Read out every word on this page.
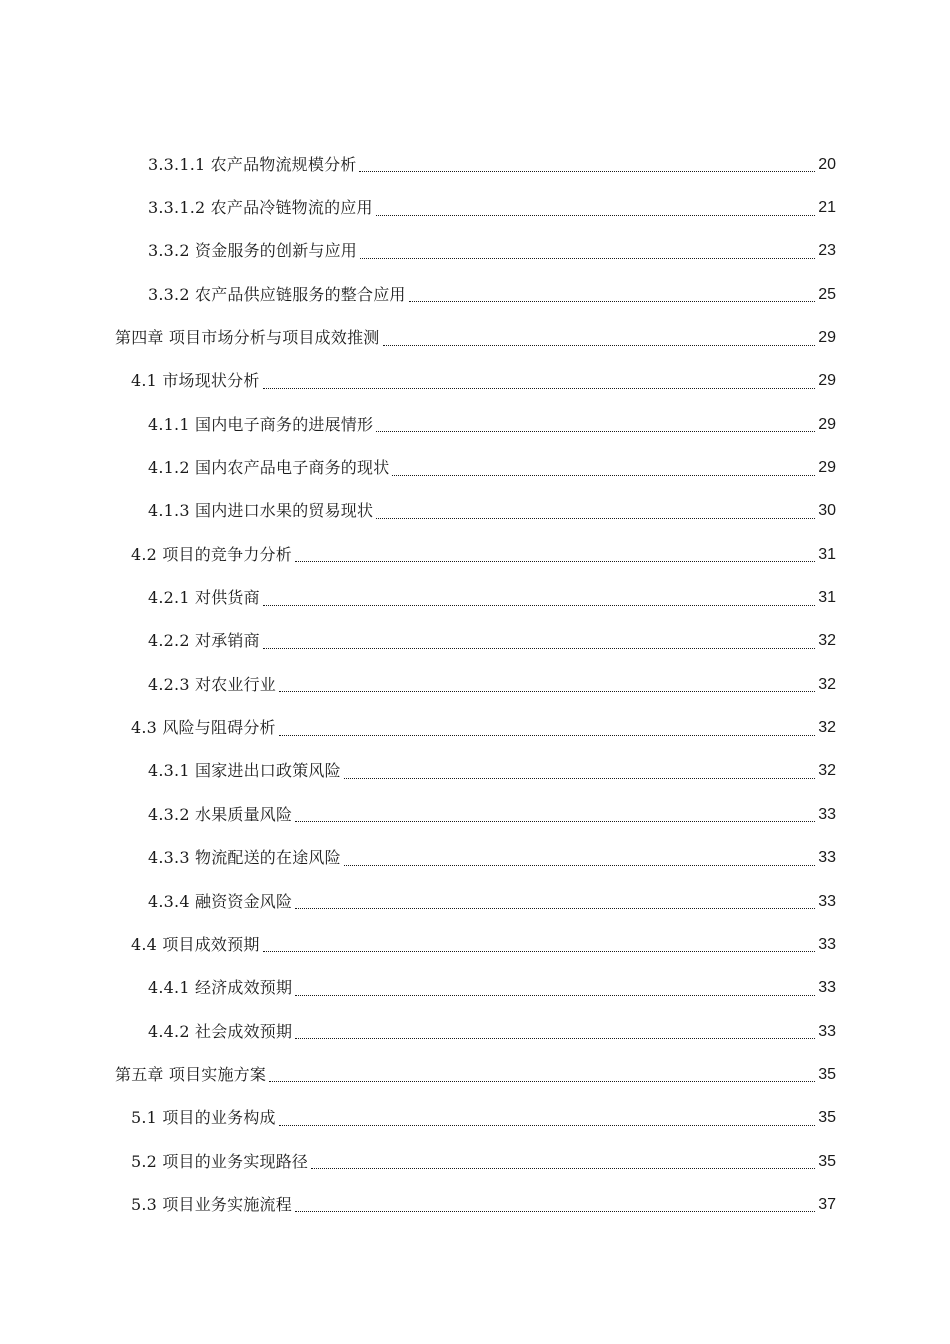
3.3.1.1 农产品物流规模分析	20
3.3.1.2 农产品冷链物流的应用	21
3.3.2 资金服务的创新与应用	23
3.3.2 农产品供应链服务的整合应用	25
第四章 项目市场分析与项目成效推测	29
4.1 市场现状分析	29
4.1.1 国内电子商务的进展情形	29
4.1.2 国内农产品电子商务的现状	29
4.1.3 国内进口水果的贸易现状	30
4.2 项目的竞争力分析	31
4.2.1 对供货商	31
4.2.2 对承销商	32
4.2.3 对农业行业	32
4.3 风险与阻碍分析	32
4.3.1 国家进出口政策风险	32
4.3.2 水果质量风险	33
4.3.3 物流配送的在途风险	33
4.3.4 融资资金风险	33
4.4 项目成效预期	33
4.4.1 经济成效预期	33
4.4.2 社会成效预期	33
第五章 项目实施方案	35
5.1 项目的业务构成	35
5.2 项目的业务实现路径	35
5.3 项目业务实施流程	37
